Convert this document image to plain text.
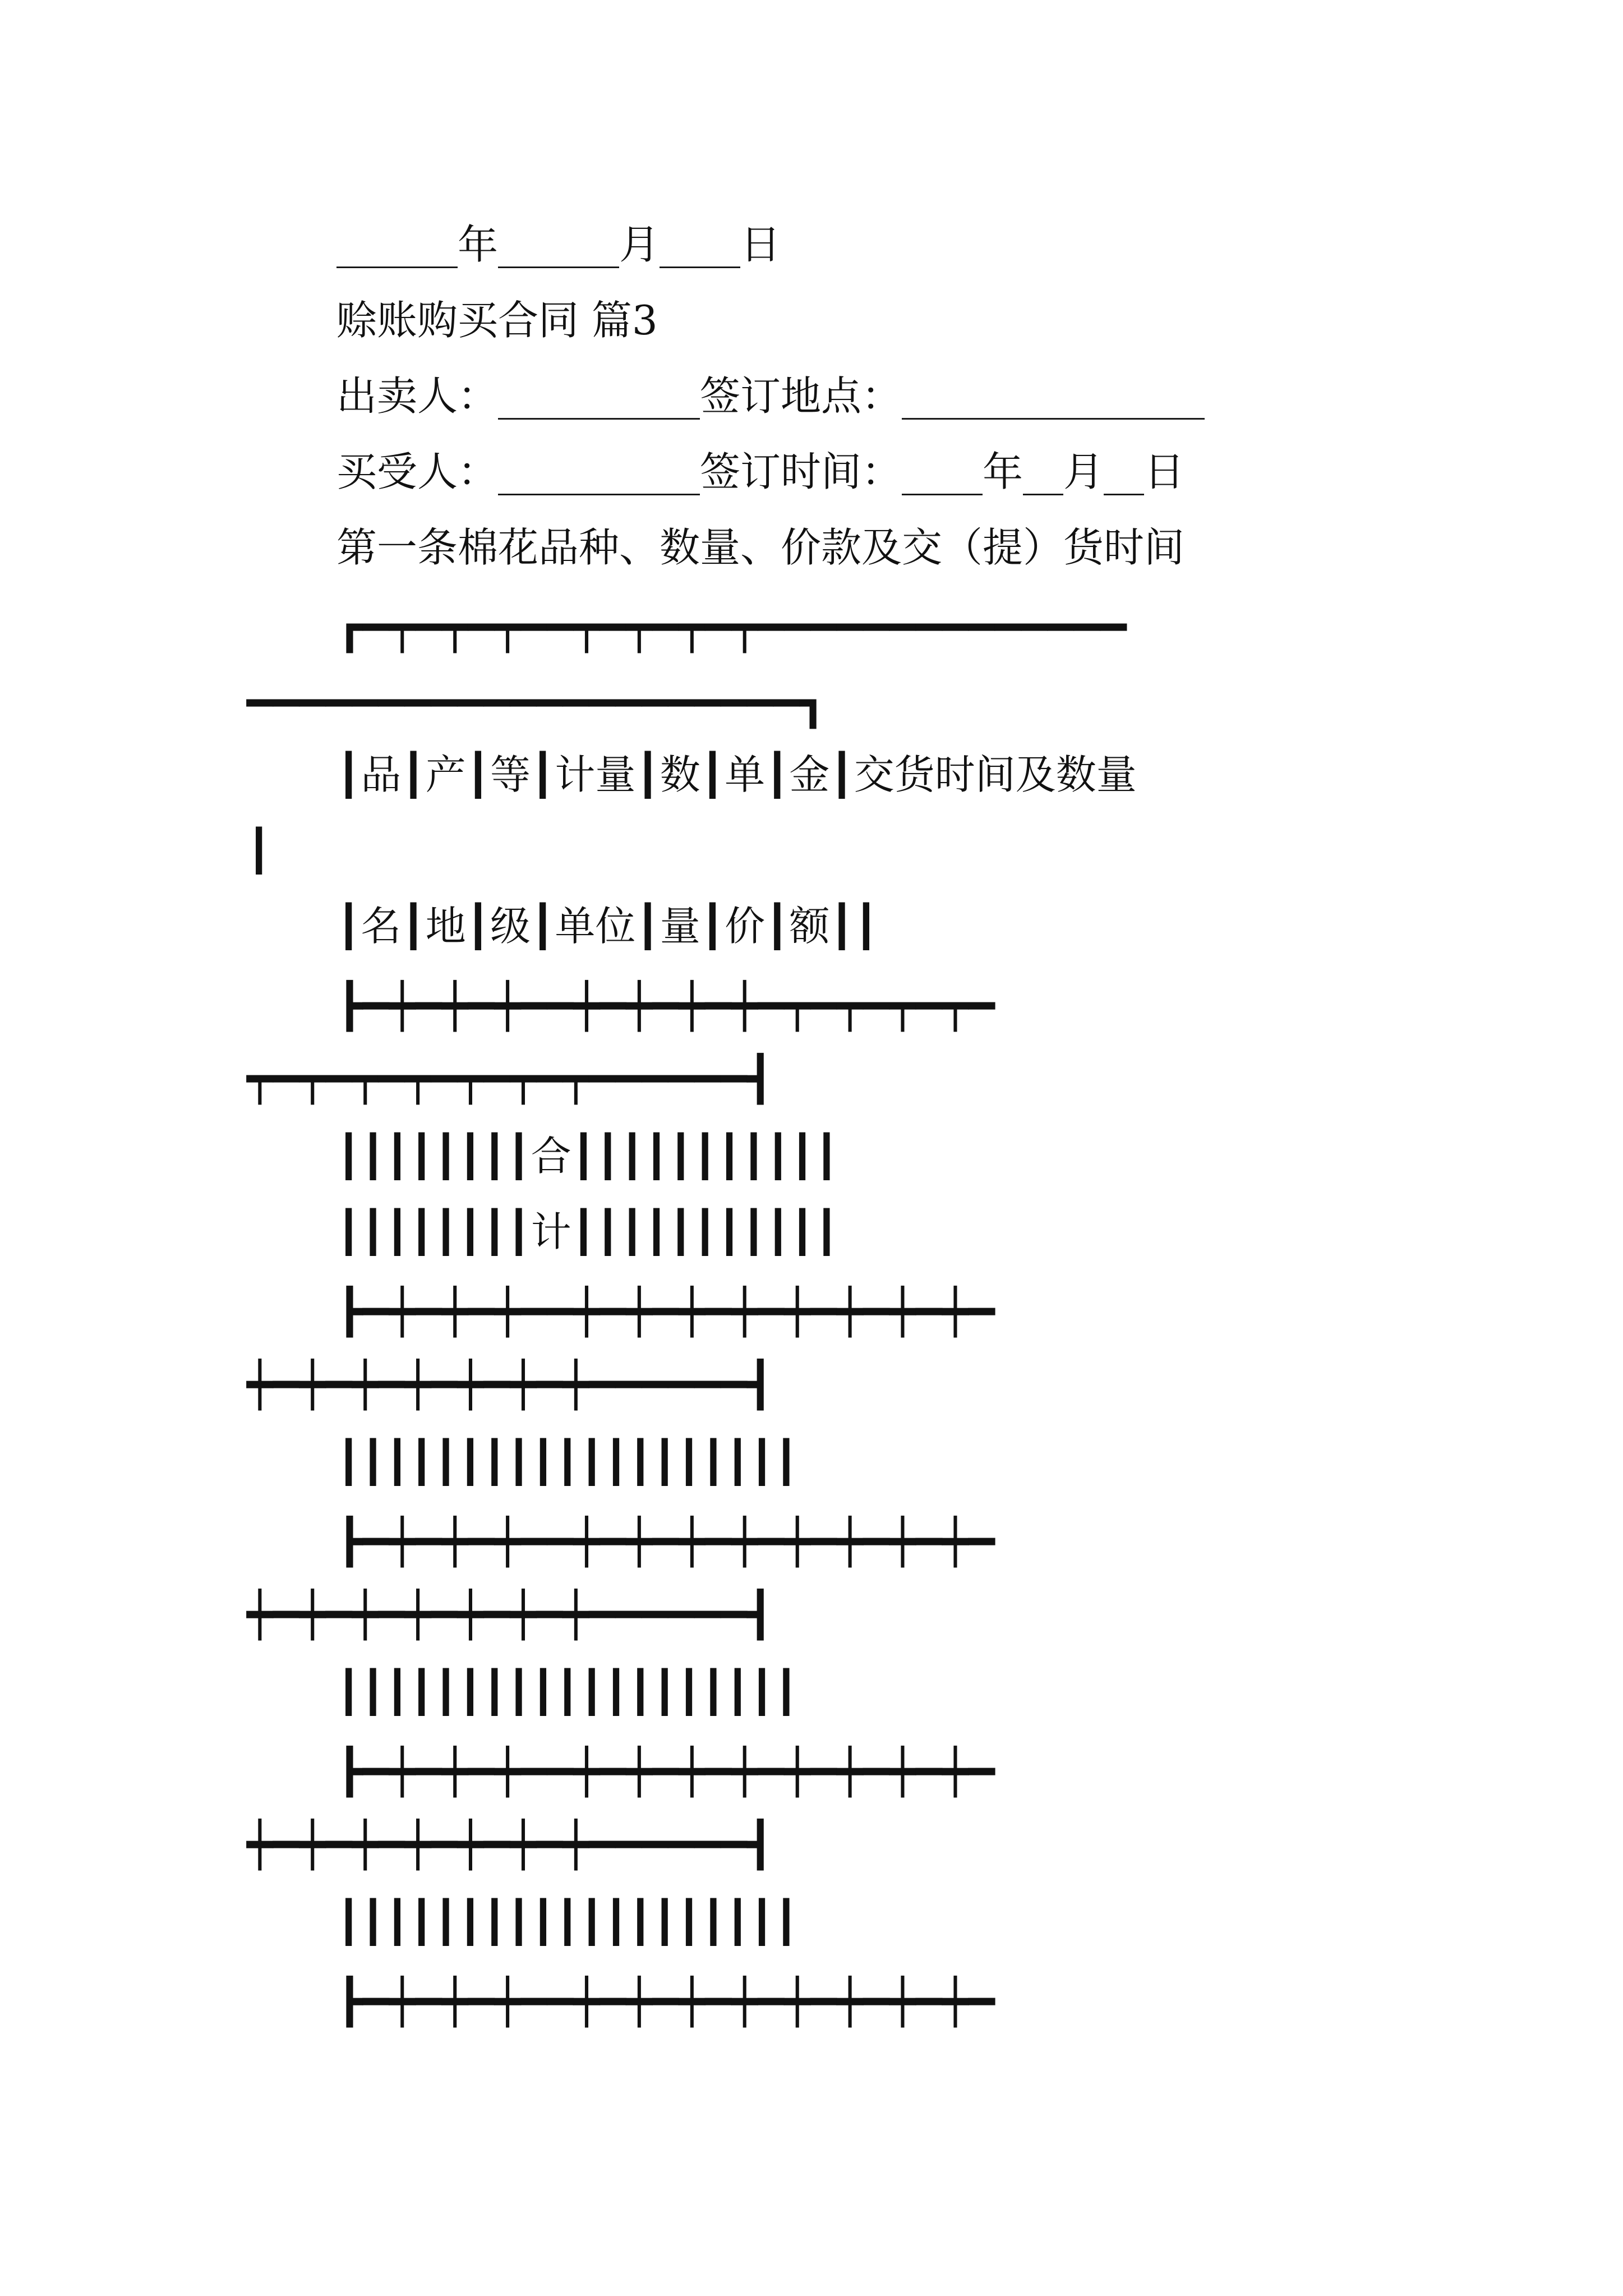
______年______月____日
赊账购买合同 篇3
出卖人：__________签订地点：_______________
买受人：__________签订时间：____年__月__日
第一条棉花品种、数量、价款及交（提）货时间
┏━┯━┯━┯━━┯━┯━┯━┯━━━━━━━━━━━━━━
━━━━━━━━━━━━━━━━━━━━━┓
┃品┃产┃等┃计量┃数┃单┃金┃交货时间及数量
┃
┃名┃地┃级┃单位┃量┃价┃额┃┃
┣━┿━┿━┿━━┿━┿━┿━┿━┯━┯━┯━┯━
┯━┯━┯━┯━┯━┯━┯━━━━━━┫
┃┃┃┃┃┃┃┃合┃┃┃┃┃┃┃┃┃┃┃
┃┃┃┃┃┃┃┃计┃┃┃┃┃┃┃┃┃┃┃
┣━┿━┿━┿━━┿━┿━┿━┿━┿━┿━┿━┿━
┿━┿━┿━┿━┿━┿━┿━━━━━━┫
┃┃┃┃┃┃┃┃┃┃┃┃┃┃┃┃┃┃┃
┣━┿━┿━┿━━┿━┿━┿━┿━┿━┿━┿━┿━
┿━┿━┿━┿━┿━┿━┿━━━━━━┫
┃┃┃┃┃┃┃┃┃┃┃┃┃┃┃┃┃┃┃
┣━┿━┿━┿━━┿━┿━┿━┿━┿━┿━┿━┿━
┿━┿━┿━┿━┿━┿━┿━━━━━━┫
┃┃┃┃┃┃┃┃┃┃┃┃┃┃┃┃┃┃┃
┣━┿━┿━┿━━┿━┿━┿━┿━┿━┿━┿━┿━
